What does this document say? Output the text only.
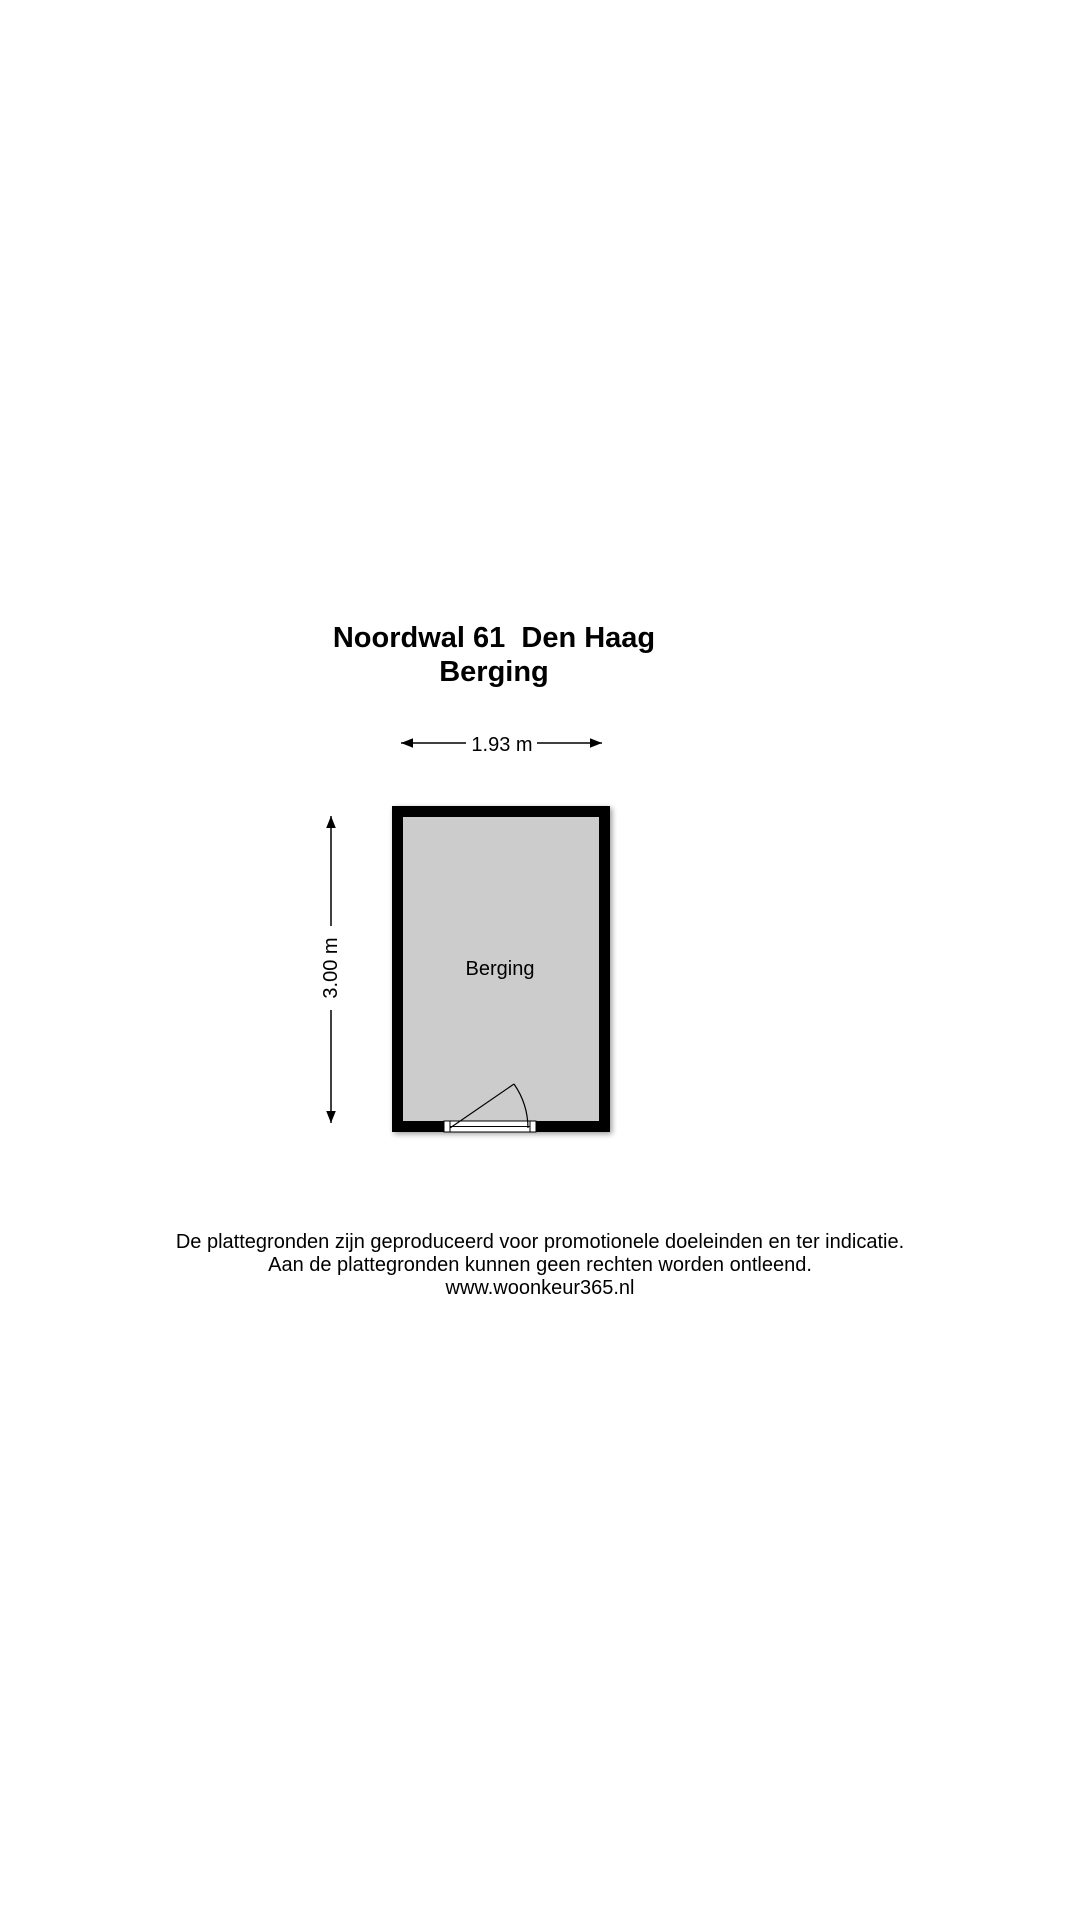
Noordwal 61  Den Haag
Berging
1.93 m
3.00 m	Berging
De plattegronden zijn geproduceerd voor promotionele doeleinden en ter indicatie.
Aan de plattegronden kunnen geen rechten worden ontleend.
www.woonkeur365.nl
